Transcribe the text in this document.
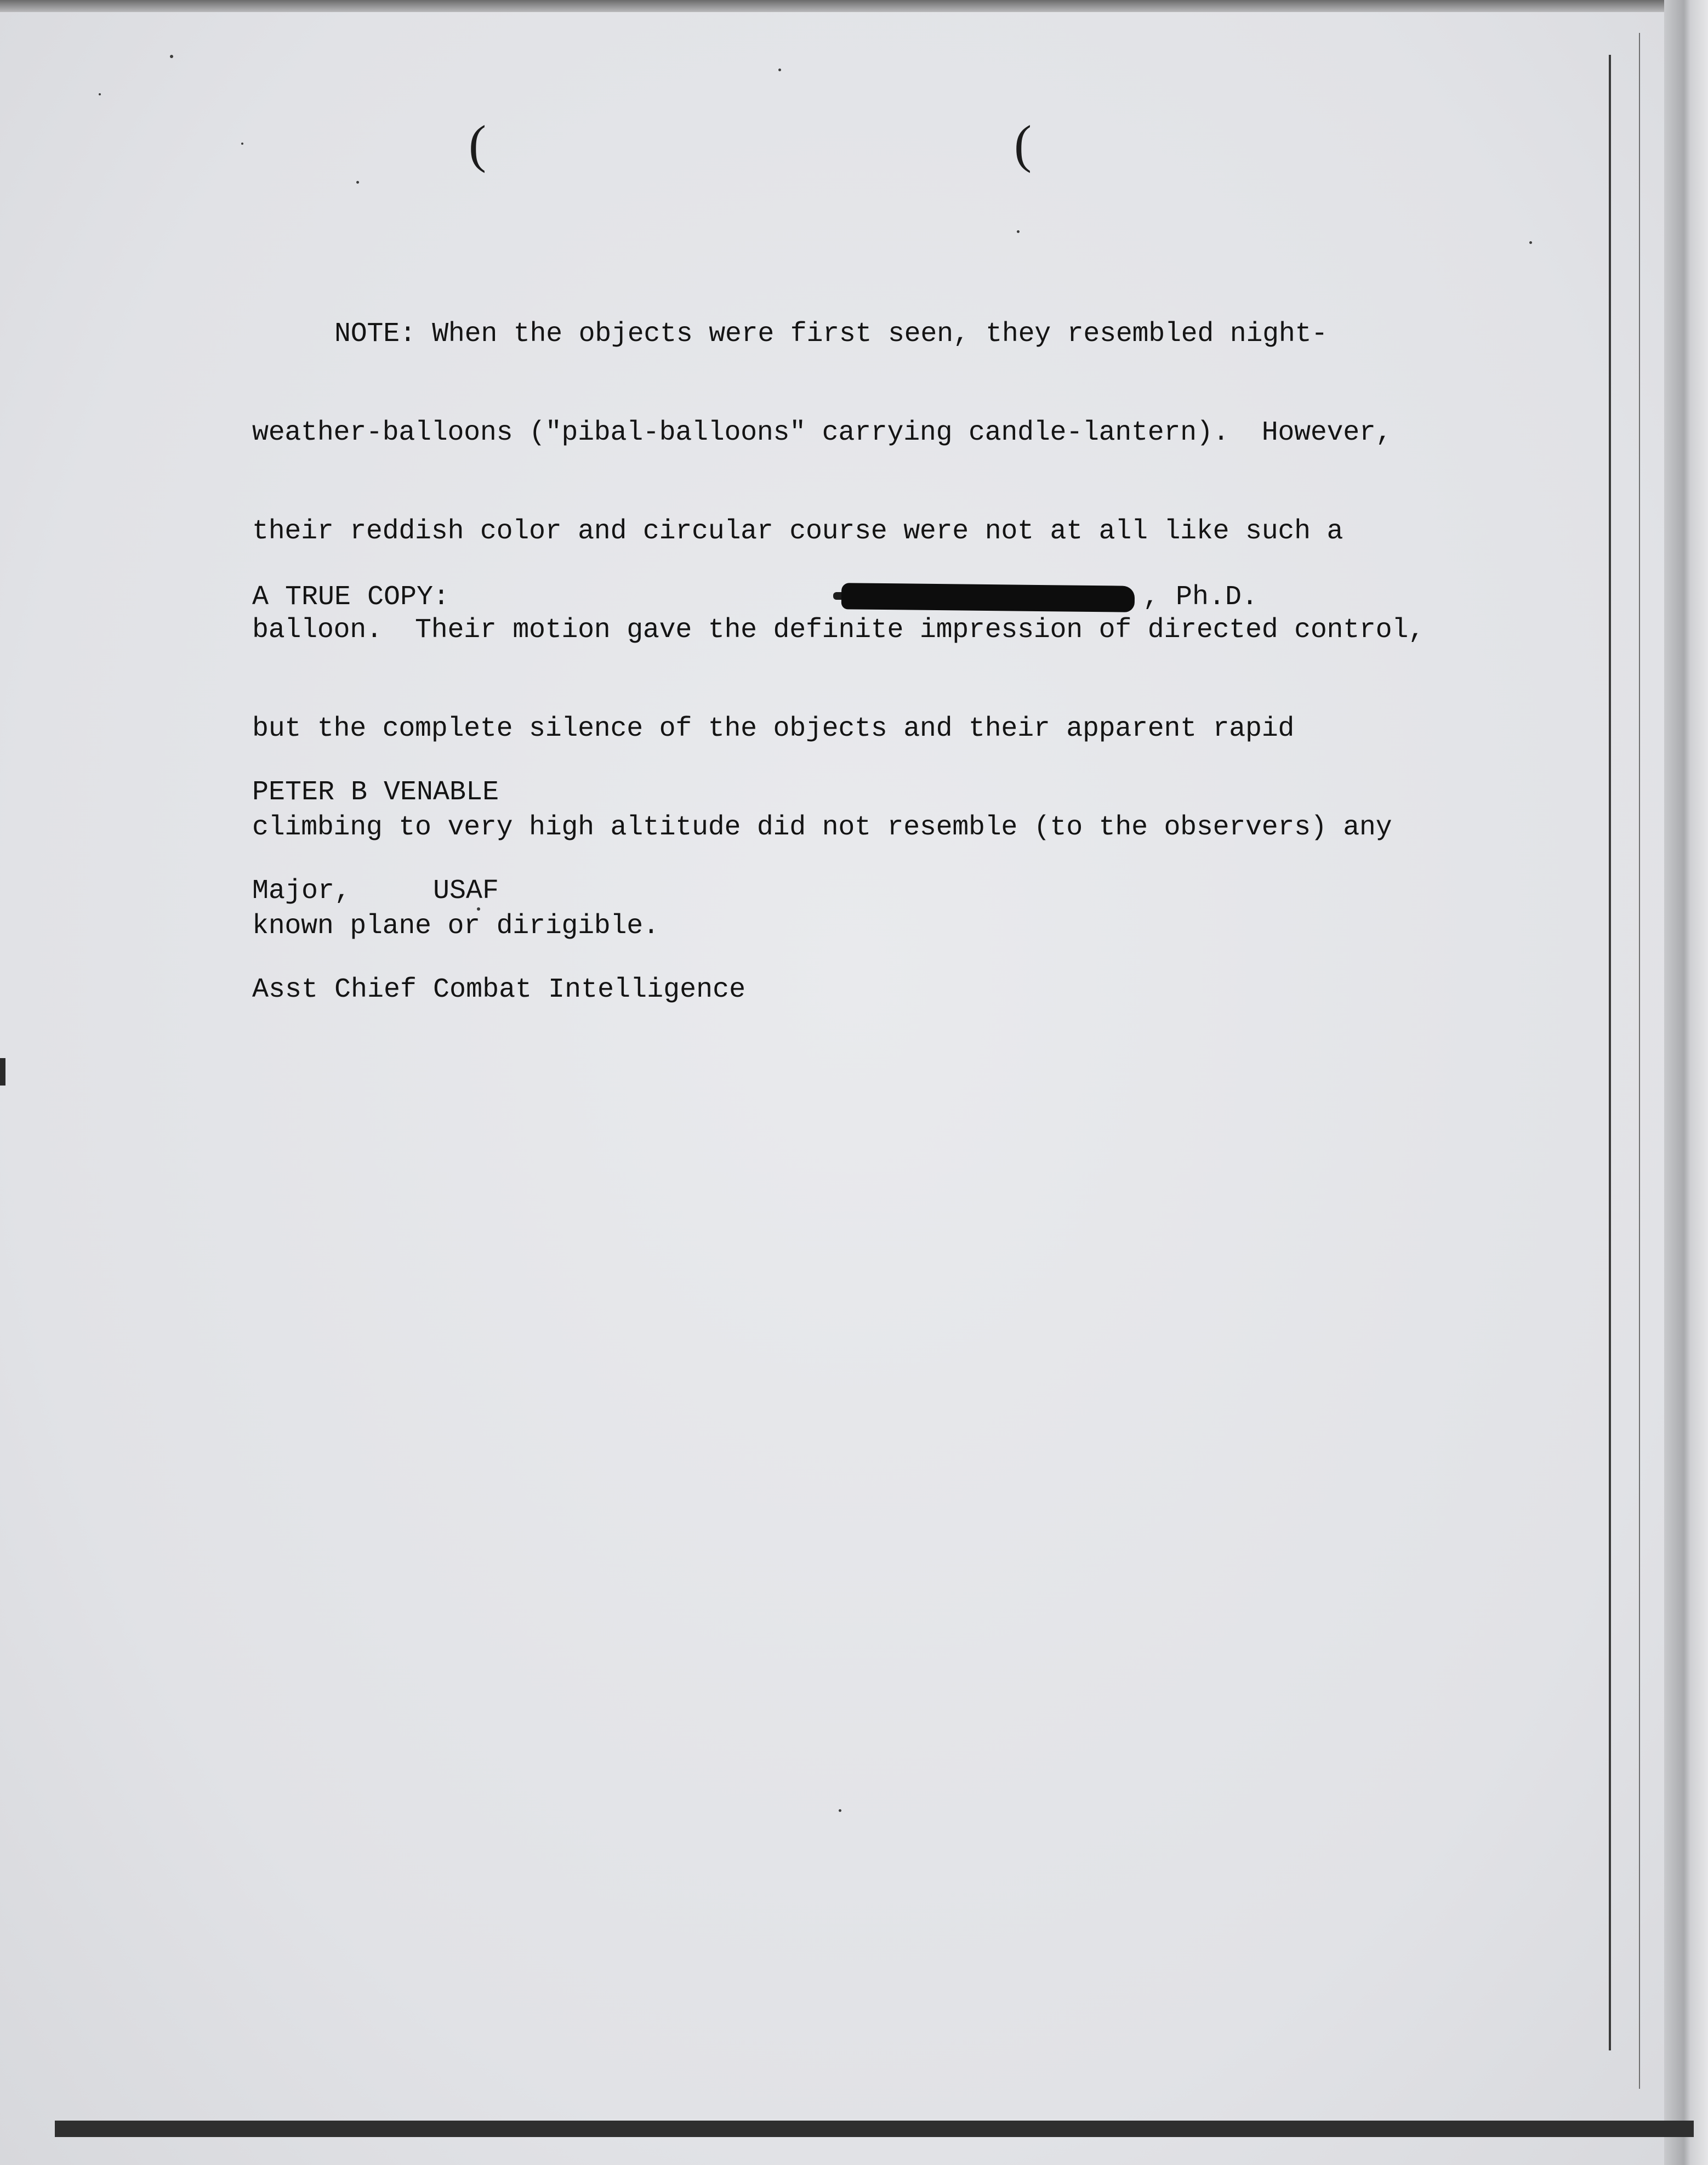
(	(

NOTE: When the objects were first seen, they resembled night-

weather-balloons ("pibal-balloons" carrying candle-lantern).  However,

their reddish color and circular course were not at all like such a

balloon.  Their motion gave the definite impression of directed control,

but the complete silence of the objects and their apparent rapid

climbing to very high altitude did not resemble (to the observers) any

known plane or dirigible.

A TRUE COPY:	, Ph.D.

PETER B VENABLE

Major,	USAF

Asst Chief Combat Intelligence
